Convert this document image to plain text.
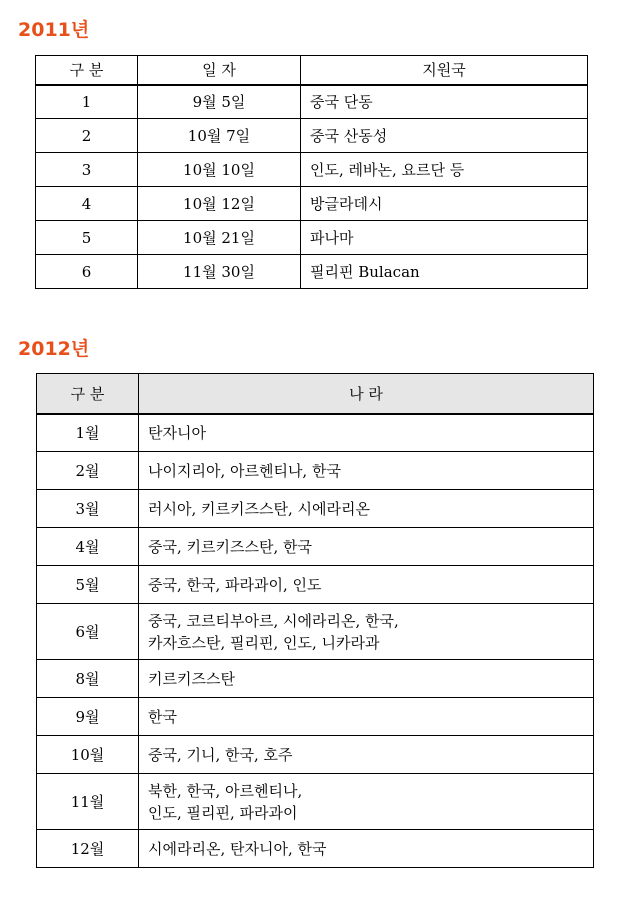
2011년
구 분	일 자	지원국
1	9월 5일	중국 단동
2	10월 7일	중국 산동성
3	10월 10일	인도, 레바논, 요르단 등
4	10월 12일	방글라데시
5	10월 21일	파나마
6	11월 30일	필리핀 Bulacan
2012년
구 분	나 라
1월	탄자니아
2월	나이지리아, 아르헨티나, 한국
3월	러시아, 키르키즈스탄, 시에라리온
4월	중국, 키르키즈스탄, 한국
5월	중국, 한국, 파라과이, 인도
6월	중국, 코르티부아르, 시에라리온, 한국,
카자흐스탄, 필리핀, 인도, 니카라과
8월	키르키즈스탄
9월	한국
10월	중국, 기니, 한국, 호주
11월	북한, 한국, 아르헨티나,
인도, 필리핀, 파라과이
12월	시에라리온, 탄자니아, 한국
